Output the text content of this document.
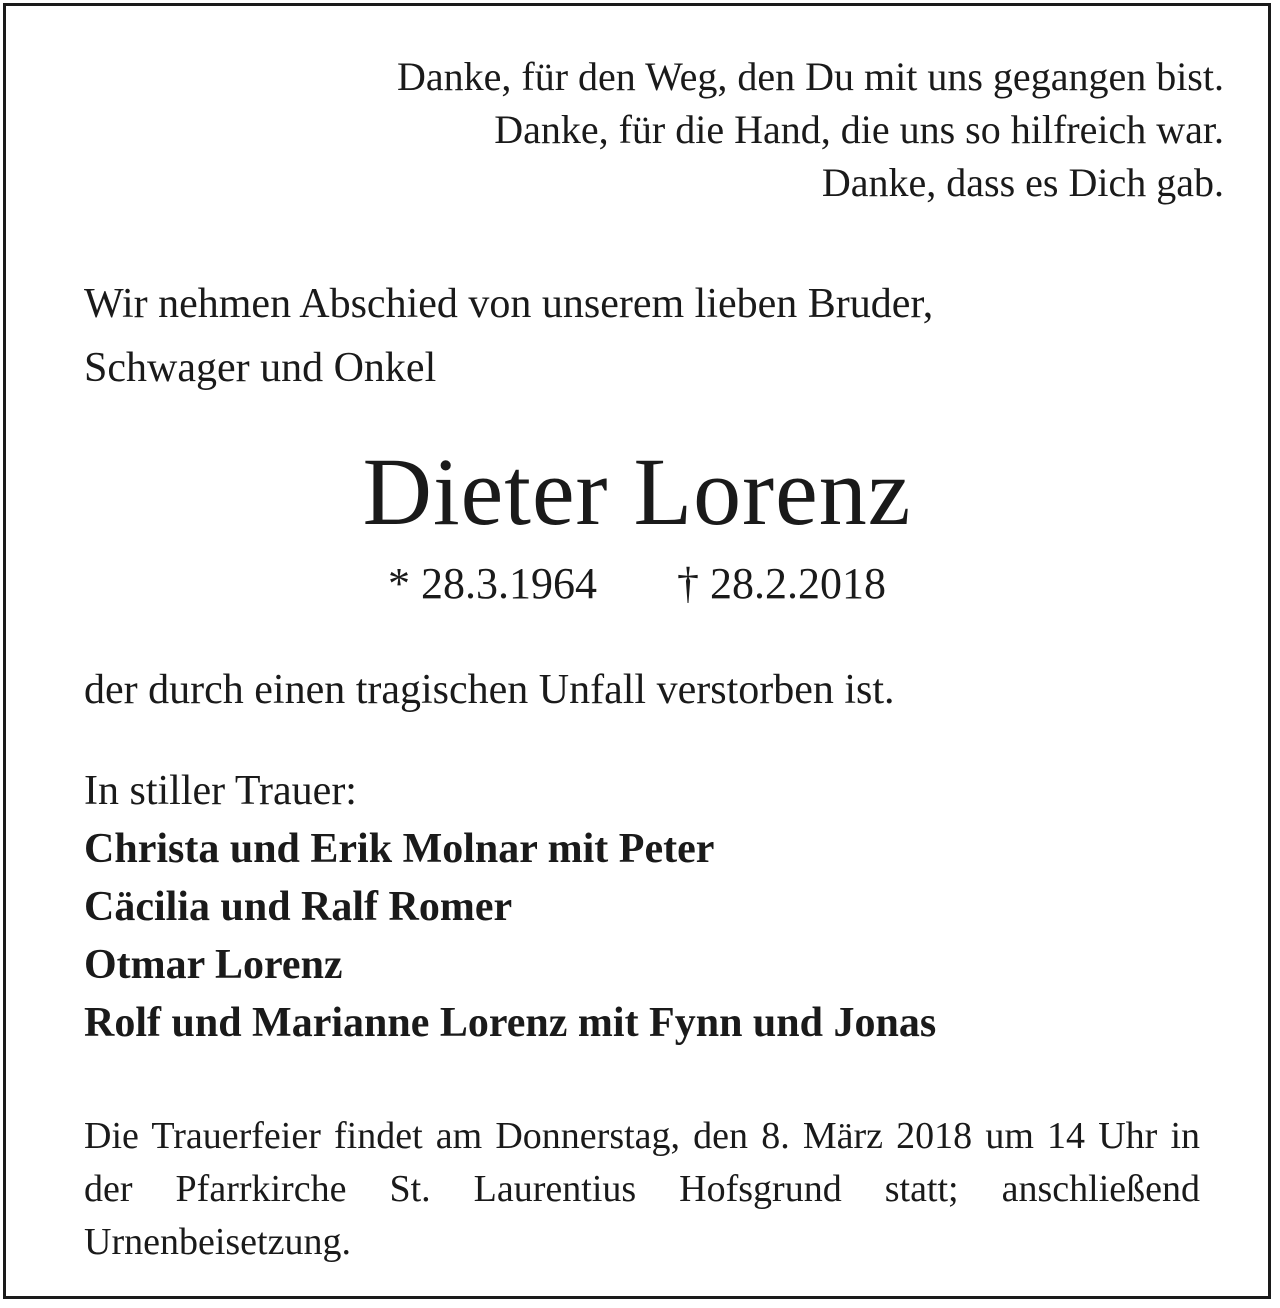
Danke, für den Weg, den Du mit uns gegangen bist.
Danke, für die Hand, die uns so hilfreich war.
Danke, dass es Dich gab.
Wir nehmen Abschied von unserem lieben Bruder,
Schwager und Onkel
Dieter Lorenz
* 28.3.1964 † 28.2.2018
der durch einen tragischen Unfall verstorben ist.
In stiller Trauer:
Christa und Erik Molnar mit Peter
Cäcilia und Ralf Romer
Otmar Lorenz
Rolf und Marianne Lorenz mit Fynn und Jonas
Die Trauerfeier findet am Donnerstag, den 8. März 2018 um 14 Uhr in der Pfarrkirche St. Laurentius Hofsgrund statt; anschließend Urnenbeisetzung.
